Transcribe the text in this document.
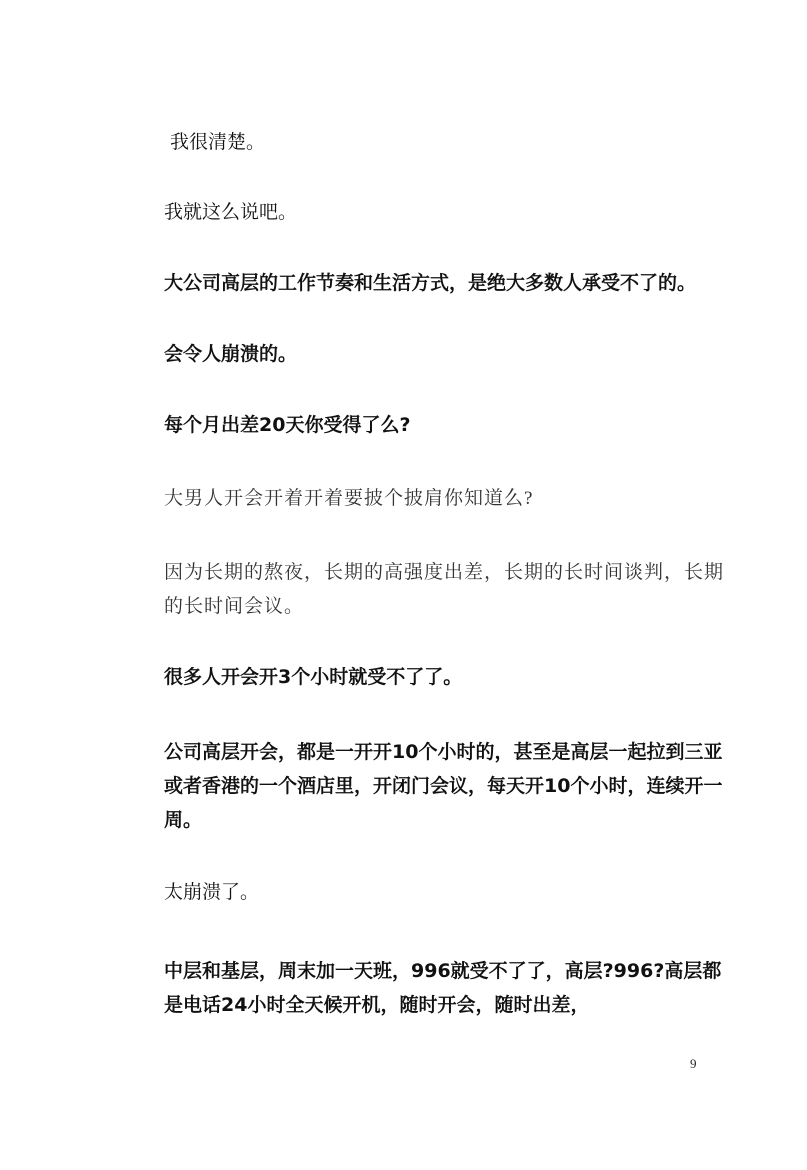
我很清楚。

我就这么说吧。

大公司高层的工作节奏和生活方式，是绝大多数人承受不了的。

会令人崩溃的。

每个月出差20天你受得了么?

大男人开会开着开着要披个披肩你知道么?

因为长期的熬夜，长期的高强度出差，长期的长时间谈判，长期的长时间会议。

很多人开会开3个小时就受不了了。

公司高层开会，都是一开开10个小时的，甚至是高层一起拉到三亚或者香港的一个酒店里，开闭门会议，每天开10个小时，连续开一周。

太崩溃了。

中层和基层，周末加一天班，996就受不了了，高层?996?高层都是电话24小时全天候开机，随时开会，随时出差，

9
